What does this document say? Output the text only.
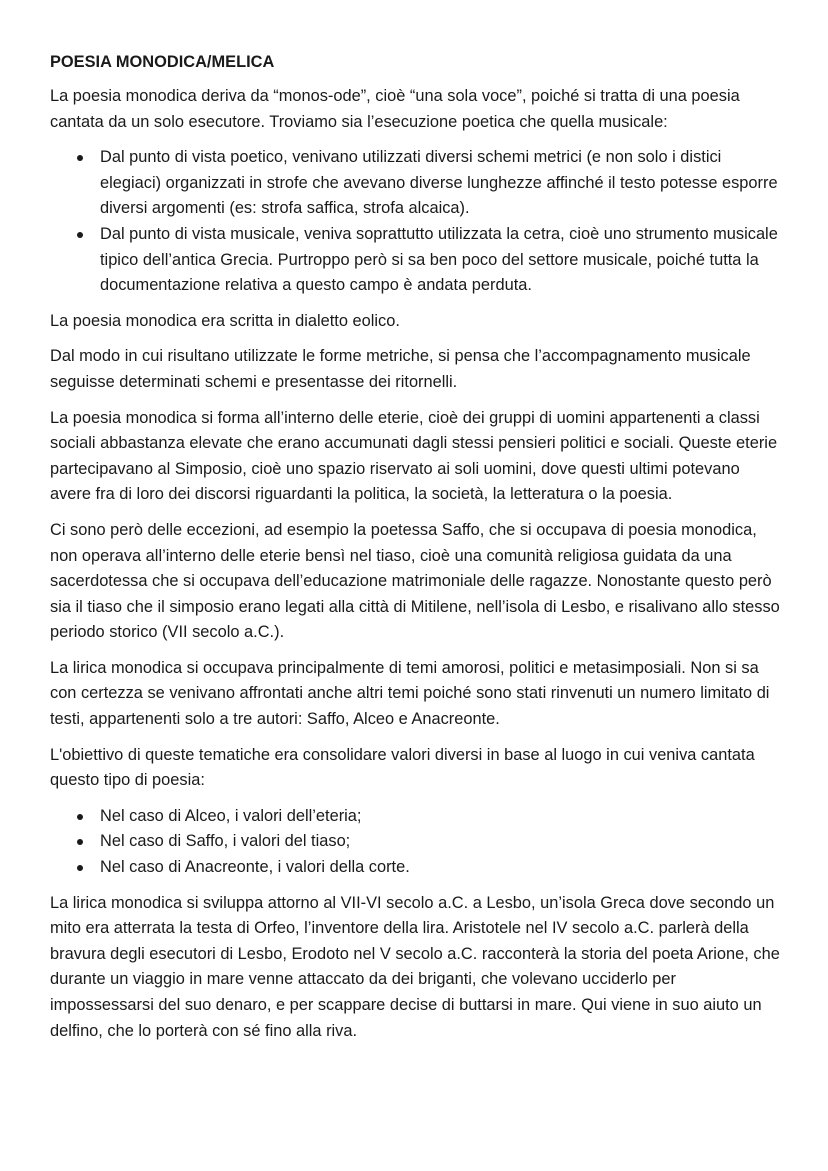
POESIA MONODICA/MELICA

La poesia monodica deriva da “monos-ode”, cioè “una sola voce”, poiché si tratta di una poesia cantata da un solo esecutore. Troviamo sia l’esecuzione poetica che quella musicale:

Dal punto di vista poetico, venivano utilizzati diversi schemi metrici (e non solo i distici elegiaci) organizzati in strofe che avevano diverse lunghezze affinché il testo potesse esporre diversi argomenti (es: strofa saffica, strofa alcaica).
Dal punto di vista musicale, veniva soprattutto utilizzata la cetra, cioè uno strumento musicale tipico dell’antica Grecia. Purtroppo però si sa ben poco del settore musicale, poiché tutta la documentazione relativa a questo campo è andata perduta.

La poesia monodica era scritta in dialetto eolico.

Dal modo in cui risultano utilizzate le forme metriche, si pensa che l’accompagnamento musicale seguisse determinati schemi e presentasse dei ritornelli.

La poesia monodica si forma all’interno delle eterie, cioè dei gruppi di uomini appartenenti a classi sociali abbastanza elevate che erano accumunati dagli stessi pensieri politici e sociali. Queste eterie partecipavano al Simposio, cioè uno spazio riservato ai soli uomini, dove questi ultimi potevano avere fra di loro dei discorsi riguardanti la politica, la società, la letteratura o la poesia.

Ci sono però delle eccezioni, ad esempio la poetessa Saffo, che si occupava di poesia monodica, non operava all’interno delle eterie bensì nel tiaso, cioè una comunità religiosa guidata da una sacerdotessa che si occupava dell’educazione matrimoniale delle ragazze. Nonostante questo però sia il tiaso che il simposio erano legati alla città di Mitilene, nell’isola di Lesbo, e risalivano allo stesso periodo storico (VII secolo a.C.).

La lirica monodica si occupava principalmente di temi amorosi, politici e metasimposiali. Non si sa con certezza se venivano affrontati anche altri temi poiché sono stati rinvenuti un numero limitato di testi, appartenenti solo a tre autori: Saffo, Alceo e Anacreonte.

L'obiettivo di queste tematiche era consolidare valori diversi in base al luogo in cui veniva cantata questo tipo di poesia:

Nel caso di Alceo, i valori dell’eteria;
Nel caso di Saffo, i valori del tiaso;
Nel caso di Anacreonte, i valori della corte.

La lirica monodica si sviluppa attorno al VII-VI secolo a.C. a Lesbo, un’isola Greca dove secondo un mito era atterrata la testa di Orfeo, l’inventore della lira. Aristotele nel IV secolo a.C. parlerà della bravura degli esecutori di Lesbo, Erodoto nel V secolo a.C. racconterà la storia del poeta Arione, che durante un viaggio in mare venne attaccato da dei briganti, che volevano ucciderlo per impossessarsi del suo denaro, e per scappare decise di buttarsi in mare. Qui viene in suo aiuto un delfino, che lo porterà con sé fino alla riva.
